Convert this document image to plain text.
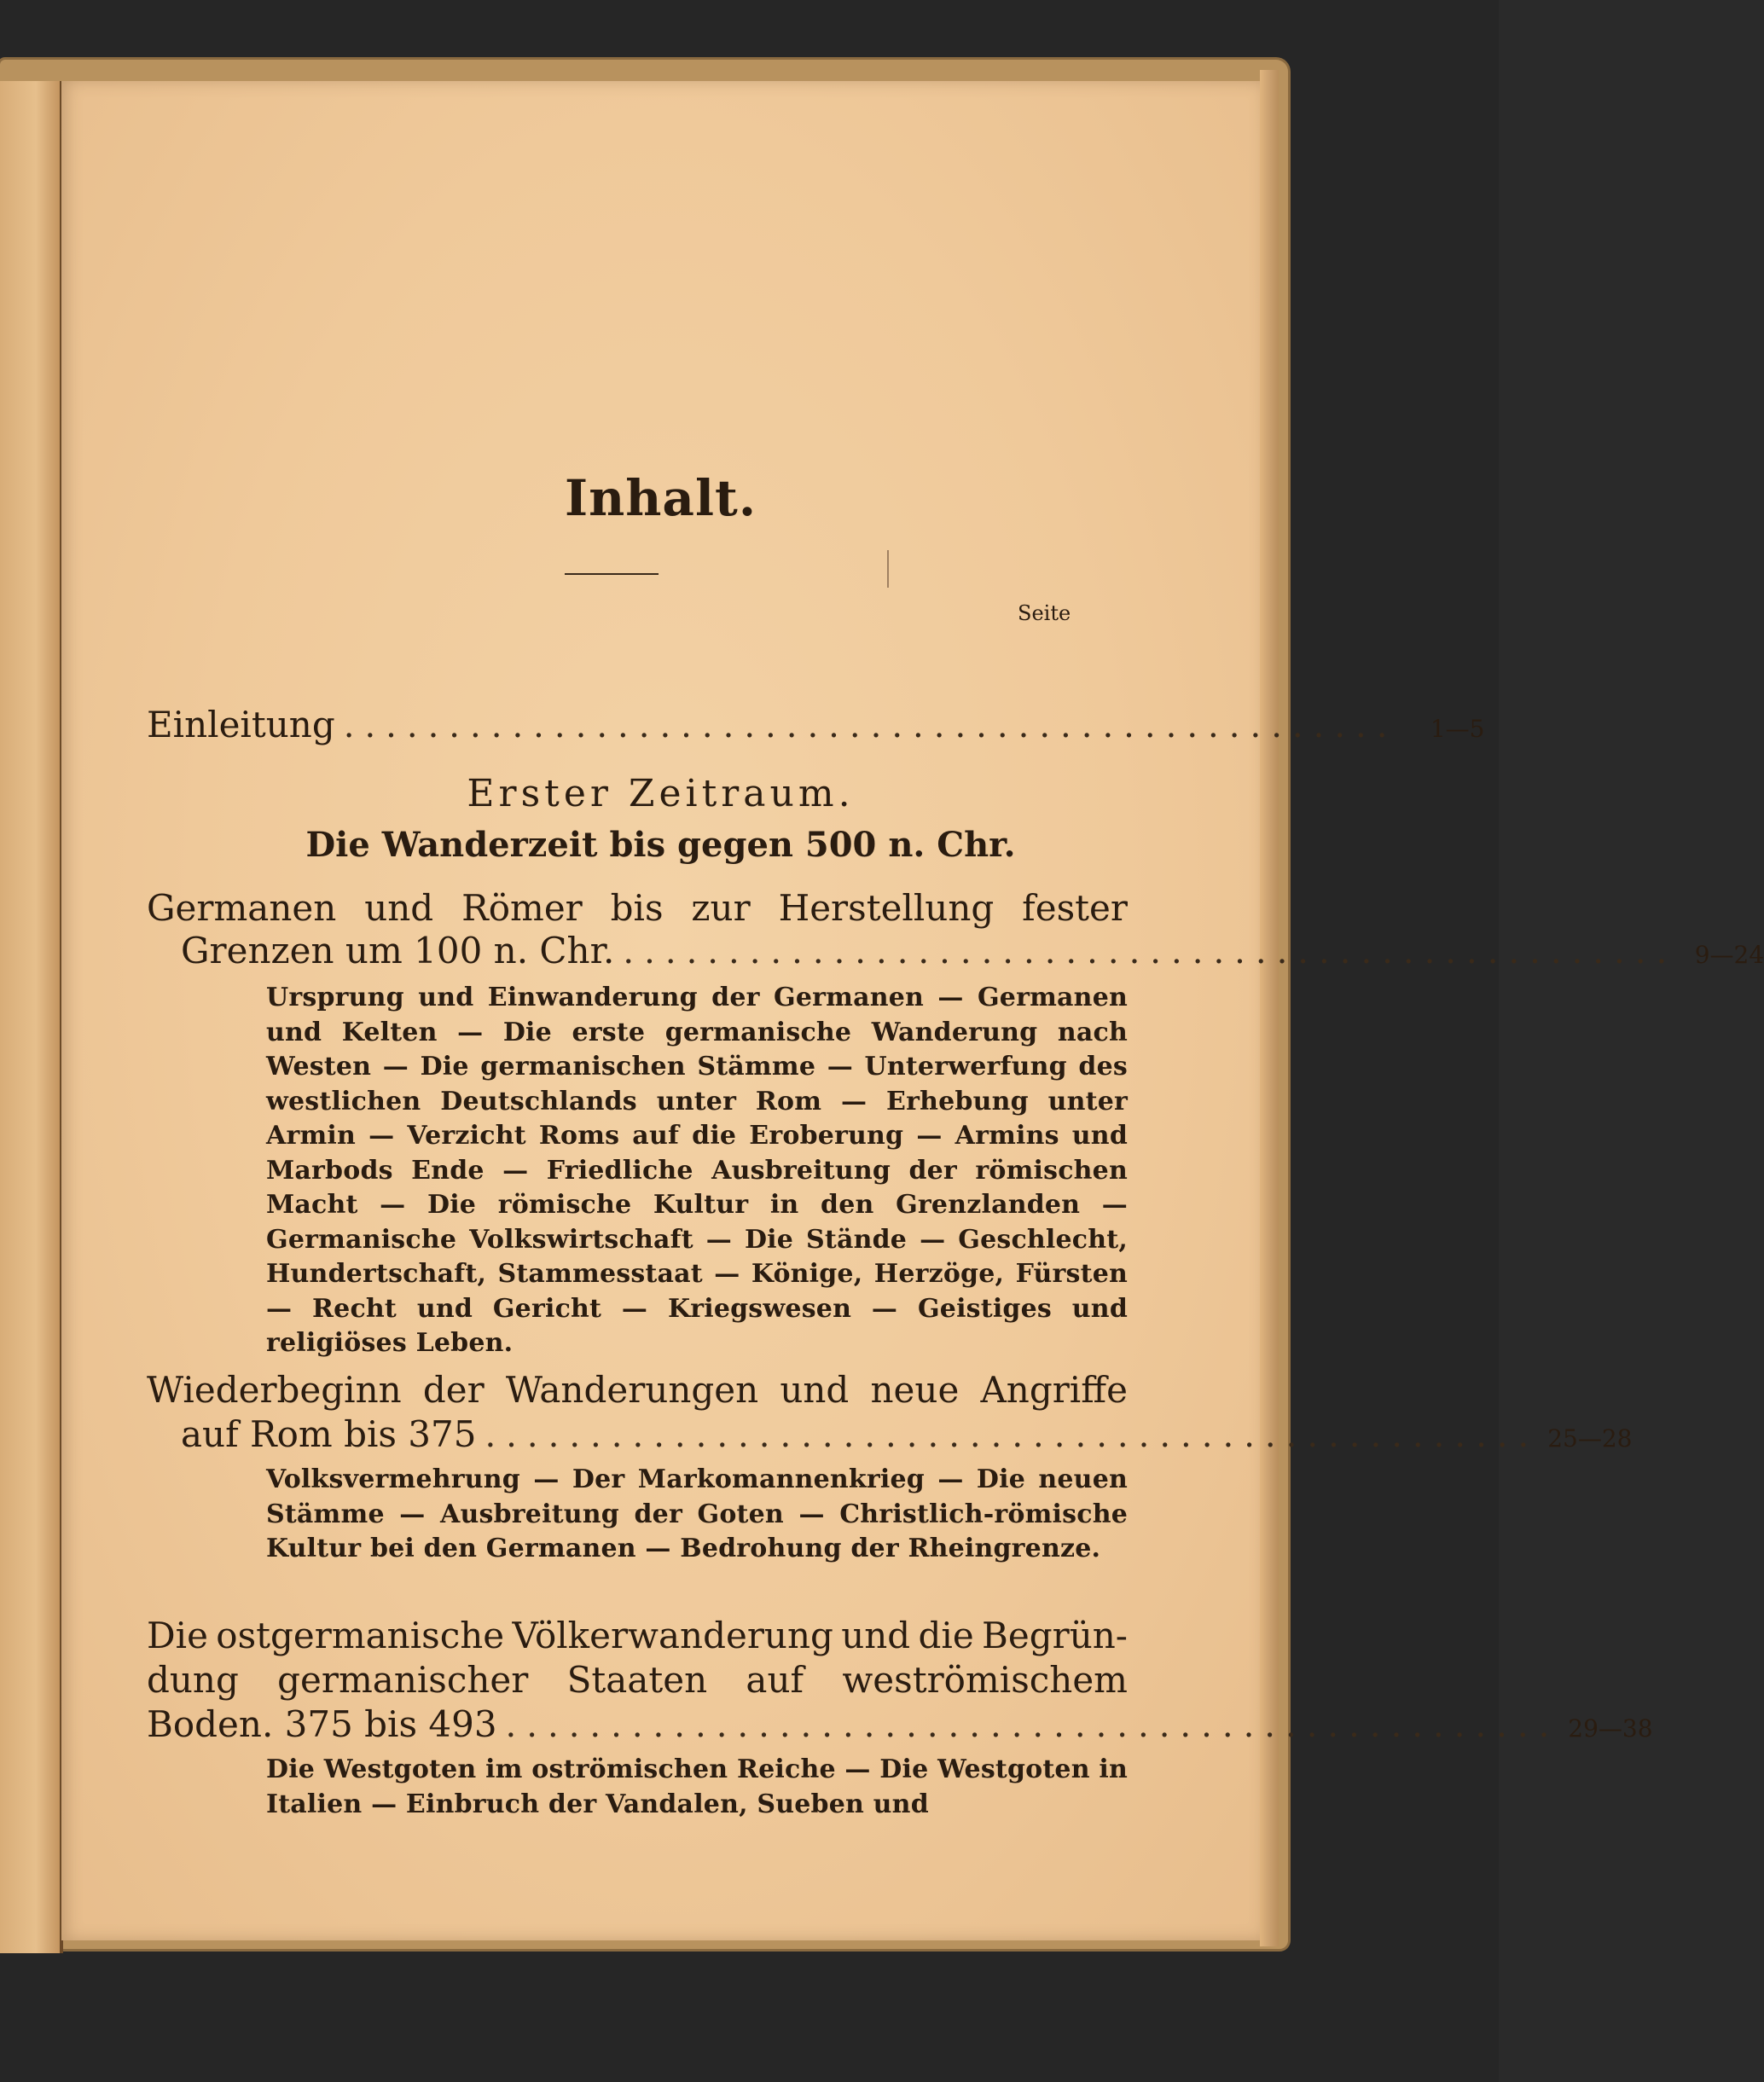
Inhalt.
Seite
Einleitung ..................................................	1—5
Erster Zeitraum.
Die Wanderzeit bis gegen 500 n. Chr.
Germanen und Römer bis zur Herstellung fester
Grenzen um 100 n. Chr. .................................................. 9—24
Ursprung und Einwanderung der Germanen — Germanen und Kelten — Die erste germanische Wanderung nach Westen — Die germanischen Stämme — Unterwerfung des westlichen Deutschlands unter Rom — Erhebung unter Armin — Verzicht Roms auf die Eroberung — Armins und Marbods Ende — Friedliche Ausbreitung der römischen Macht — Die römische Kultur in den Grenzlanden — Germanische Volkswirtschaft — Die Stände — Geschlecht, Hundertschaft, Stammesstaat — Könige, Herzöge, Fürsten — Recht und Gericht — Kriegswesen — Geistiges und religiöses Leben.
Wiederbeginn der Wanderungen und neue Angriffe
auf Rom bis 375 .................................................. 25—28
Volksvermehrung — Der Markomannenkrieg — Die neuen Stämme — Ausbreitung der Goten — Christlich-römische Kultur bei den Germanen — Bedrohung der Rheingrenze.
Die ostgermanische Völkerwanderung und die Begrün-
dung germanischer Staaten auf weströmischem
Boden. 375 bis 493 .................................................. 29—38
Die Westgoten im oströmischen Reiche — Die Westgoten in Italien — Einbruch der Vandalen, Sueben und
